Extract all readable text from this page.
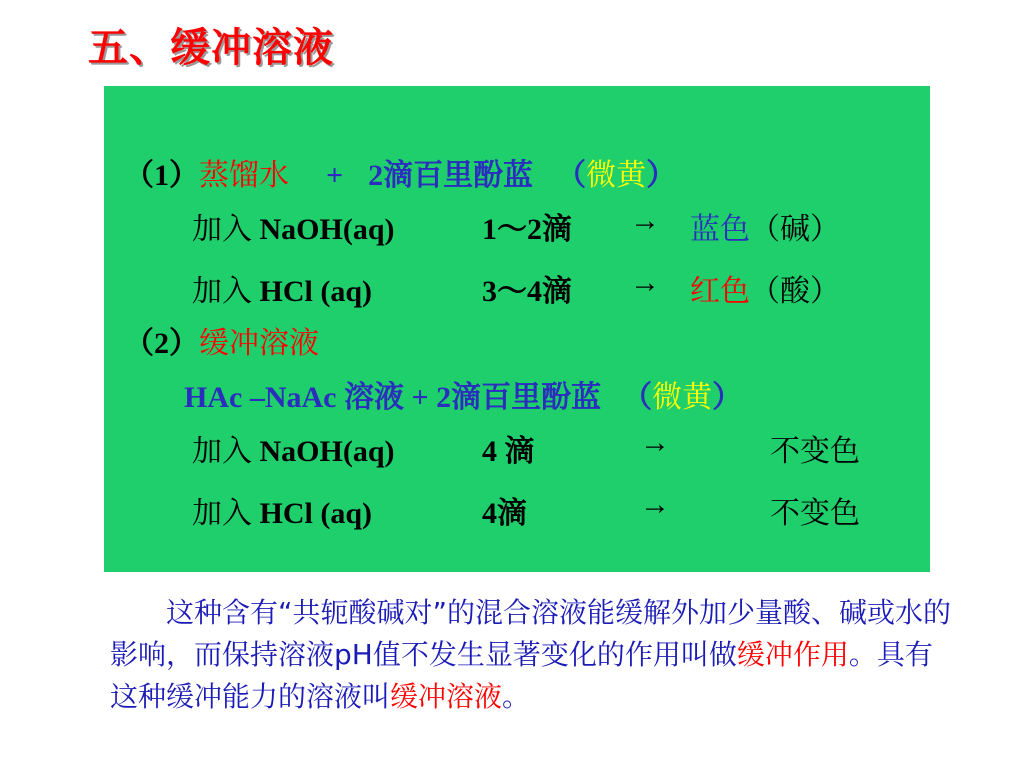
五、缓冲溶液
（1）蒸馏水 + 2滴百里酚蓝 （微黄）
加入 NaOH(aq)	1～2滴 → 蓝色（碱）
加入 HCl (aq)	3～4滴 → 红色（酸）
（2）缓冲溶液
HAc –NaAc 溶液 + 2滴百里酚蓝 （微黄）
加入 NaOH(aq)	4 滴	→	不变色
加入 HCl (aq)	4滴	→	不变色
这种含有“共轭酸碱对”的混合溶液能缓解外加少量酸、碱或水的影响，而保持溶液pH值不发生显著变化的作用叫做缓冲作用。具有这种缓冲能力的溶液叫缓冲溶液。
